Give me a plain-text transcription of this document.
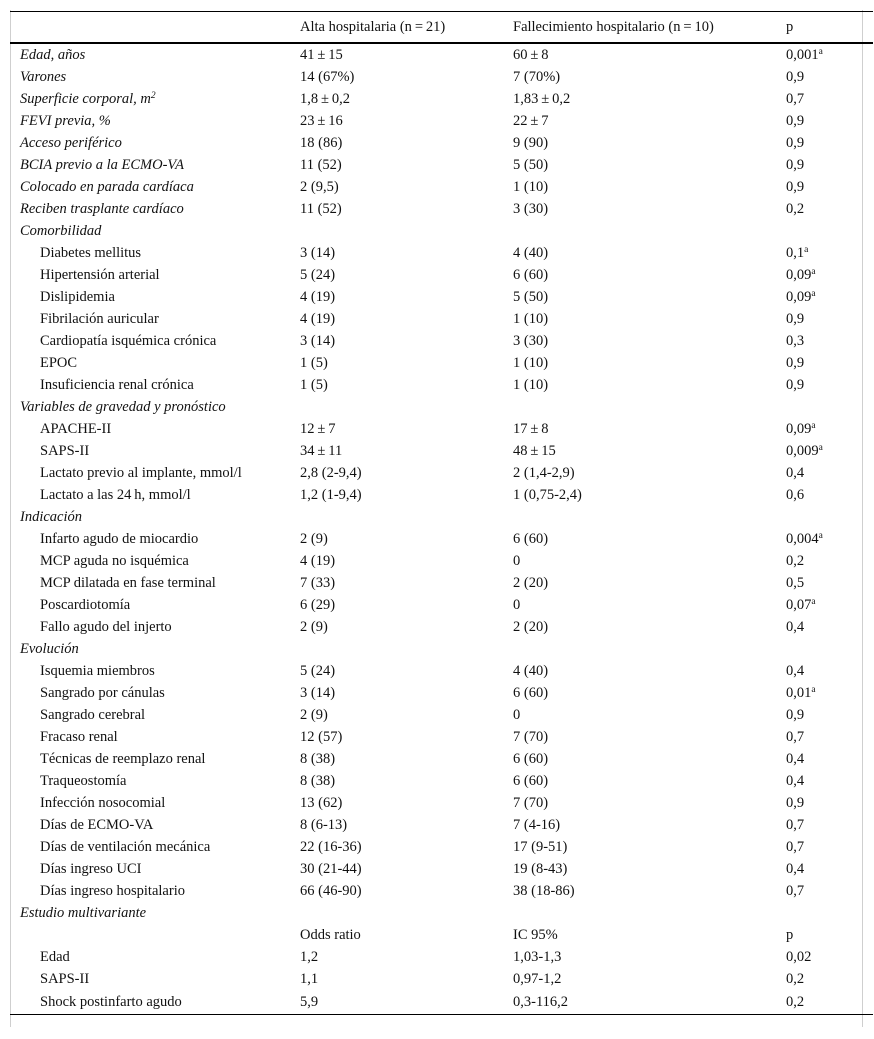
	Alta hospitalaria (n = 21)	Fallecimiento hospitalario (n = 10)	p
Edad, años	41 ± 15	60 ± 8	0,001$^a$
Varones	14 (67%)	7 (70%)	0,9
Superficie corporal, $m^2$	1,8 ± 0,2	1,83 ± 0,2	0,7
FEVI previa, %	23 ± 16	22 ± 7	0,9
Acceso periférico	18 (86)	9 (90)	0,9
BCIA previo a la ECMO-VA	11 (52)	5 (50)	0,9
Colocado en parada cardíaca	2 (9,5)	1 (10)	0,9
Reciben trasplante cardíaco	11 (52)	3 (30)	0,2
Comorbilidad			
Diabetes mellitus	3 (14)	4 (40)	0,1$^a$
Hipertensión arterial	5 (24)	6 (60)	0,09$^a$
Dislipidemia	4 (19)	5 (50)	0,09$^a$
Fibrilación auricular	4 (19)	1 (10)	0,9
Cardiopatía isquémica crónica	3 (14)	3 (30)	0,3
EPOC	1 (5)	1 (10)	0,9
Insuficiencia renal crónica	1 (5)	1 (10)	0,9
Variables de gravedad y pronóstico			
APACHE-II	12 ± 7	17 ± 8	0,09$^a$
SAPS-II	34 ± 11	48 ± 15	0,009$^a$
Lactato previo al implante, mmol/l	2,8 (2-9,4)	2 (1,4-2,9)	0,4
Lactato a las 24 h, mmol/l	1,2 (1-9,4)	1 (0,75-2,4)	0,6
Indicación			
Infarto agudo de miocardio	2 (9)	6 (60)	0,004$^a$
MCP aguda no isquémica	4 (19)	0	0,2
MCP dilatada en fase terminal	7 (33)	2 (20)	0,5
Poscardiotomía	6 (29)	0	0,07$^a$
Fallo agudo del injerto	2 (9)	2 (20)	0,4
Evolución			
Isquemia miembros	5 (24)	4 (40)	0,4
Sangrado por cánulas	3 (14)	6 (60)	0,01$^a$
Sangrado cerebral	2 (9)	0	0,9
Fracaso renal	12 (57)	7 (70)	0,7
Técnicas de reemplazo renal	8 (38)	6 (60)	0,4
Traqueostomía	8 (38)	6 (60)	0,4
Infección nosocomial	13 (62)	7 (70)	0,9
Días de ECMO-VA	8 (6-13)	7 (4-16)	0,7
Días de ventilación mecánica	22 (16-36)	17 (9-51)	0,7
Días ingreso UCI	30 (21-44)	19 (8-43)	0,4
Días ingreso hospitalario	66 (46-90)	38 (18-86)	0,7
Estudio multivariante			
	Odds ratio	IC 95%	p
Edad	1,2	1,03-1,3	0,02
SAPS-II	1,1	0,97-1,2	0,2
Shock postinfarto agudo	5,9	0,3-116,2	0,2
